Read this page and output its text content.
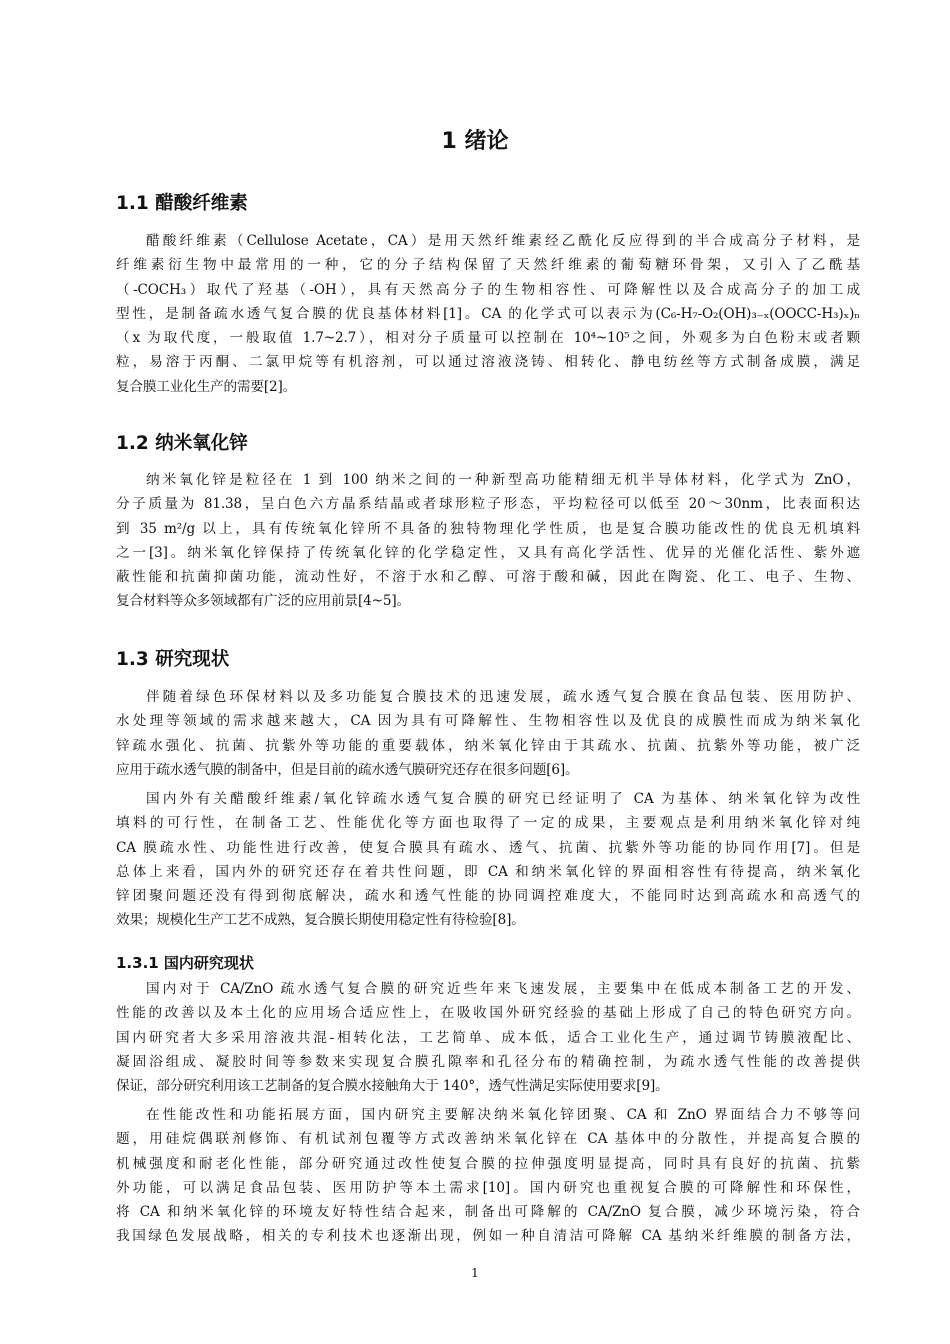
1 绪论
1.1 醋酸纤维素
醋酸纤维素（Cellulose Acetate，CA）是用天然纤维素经乙酰化反应得到的半合成高分子材料，是
纤维素衍生物中最常用的一种，它的分子结构保留了天然纤维素的葡萄糖环骨架，又引入了乙酰基
（-COCH₃）取代了羟基（-OH），具有天然高分子的生物相容性、可降解性以及合成高分子的加工成
型性，是制备疏水透气复合膜的优良基体材料[1]。CA 的化学式可以表示为(C₆-H₇-O₂(OH)₃₋ₓ(OOCC-H₃)ₓ)ₙ
（x 为取代度，一般取值 1.7~2.7），相对分子质量可以控制在 10⁴~10⁵之间，外观多为白色粉末或者颗
粒，易溶于丙酮、二氯甲烷等有机溶剂，可以通过溶液浇铸、相转化、静电纺丝等方式制备成膜，满足
复合膜工业化生产的需要[2]。
1.2 纳米氧化锌
纳米氧化锌是粒径在 1 到 100 纳米之间的一种新型高功能精细无机半导体材料，化学式为 ZnO，
分子质量为 81.38，呈白色六方晶系结晶或者球形粒子形态，平均粒径可以低至 20～30nm，比表面积达
到 35 m²/g 以上，具有传统氧化锌所不具备的独特物理化学性质，也是复合膜功能改性的优良无机填料
之一[3]。纳米氧化锌保持了传统氧化锌的化学稳定性，又具有高化学活性、优异的光催化活性、紫外遮
蔽性能和抗菌抑菌功能，流动性好，不溶于水和乙醇、可溶于酸和碱，因此在陶瓷、化工、电子、生物、
复合材料等众多领域都有广泛的应用前景[4~5]。
1.3 研究现状
伴随着绿色环保材料以及多功能复合膜技术的迅速发展，疏水透气复合膜在食品包装、医用防护、
水处理等领域的需求越来越大，CA 因为具有可降解性、生物相容性以及优良的成膜性而成为纳米氧化
锌疏水强化、抗菌、抗紫外等功能的重要载体，纳米氧化锌由于其疏水、抗菌、抗紫外等功能，被广泛
应用于疏水透气膜的制备中，但是目前的疏水透气膜研究还存在很多问题[6]。
国内外有关醋酸纤维素/氧化锌疏水透气复合膜的研究已经证明了 CA 为基体、纳米氧化锌为改性
填料的可行性，在制备工艺、性能优化等方面也取得了一定的成果，主要观点是利用纳米氧化锌对纯
CA 膜疏水性、功能性进行改善，使复合膜具有疏水、透气、抗菌、抗紫外等功能的协同作用[7]。但是
总体上来看，国内外的研究还存在着共性问题，即 CA 和纳米氧化锌的界面相容性有待提高，纳米氧化
锌团聚问题还没有得到彻底解决，疏水和透气性能的协同调控难度大，不能同时达到高疏水和高透气的
效果；规模化生产工艺不成熟，复合膜长期使用稳定性有待检验[8]。
1.3.1 国内研究现状
国内对于 CA/ZnO 疏水透气复合膜的研究近些年来飞速发展，主要集中在低成本制备工艺的开发、
性能的改善以及本土化的应用场合适应性上，在吸收国外研究经验的基础上形成了自己的特色研究方向。
国内研究者大多采用溶液共混-相转化法，工艺简单、成本低，适合工业化生产，通过调节铸膜液配比、
凝固浴组成、凝胶时间等参数来实现复合膜孔隙率和孔径分布的精确控制，为疏水透气性能的改善提供
保证，部分研究利用该工艺制备的复合膜水接触角大于 140°，透气性满足实际使用要求[9]。
在性能改性和功能拓展方面，国内研究主要解决纳米氧化锌团聚、CA 和 ZnO 界面结合力不够等问
题，用硅烷偶联剂修饰、有机试剂包覆等方式改善纳米氧化锌在 CA 基体中的分散性，并提高复合膜的
机械强度和耐老化性能，部分研究通过改性使复合膜的拉伸强度明显提高，同时具有良好的抗菌、抗紫
外功能，可以满足食品包装、医用防护等本土需求[10]。国内研究也重视复合膜的可降解性和环保性，
将 CA 和纳米氧化锌的环境友好特性结合起来，制备出可降解的 CA/ZnO 复合膜，减少环境污染，符合
我国绿色发展战略，相关的专利技术也逐渐出现，例如一种自清洁可降解 CA 基纳米纤维膜的制备方法，
1
